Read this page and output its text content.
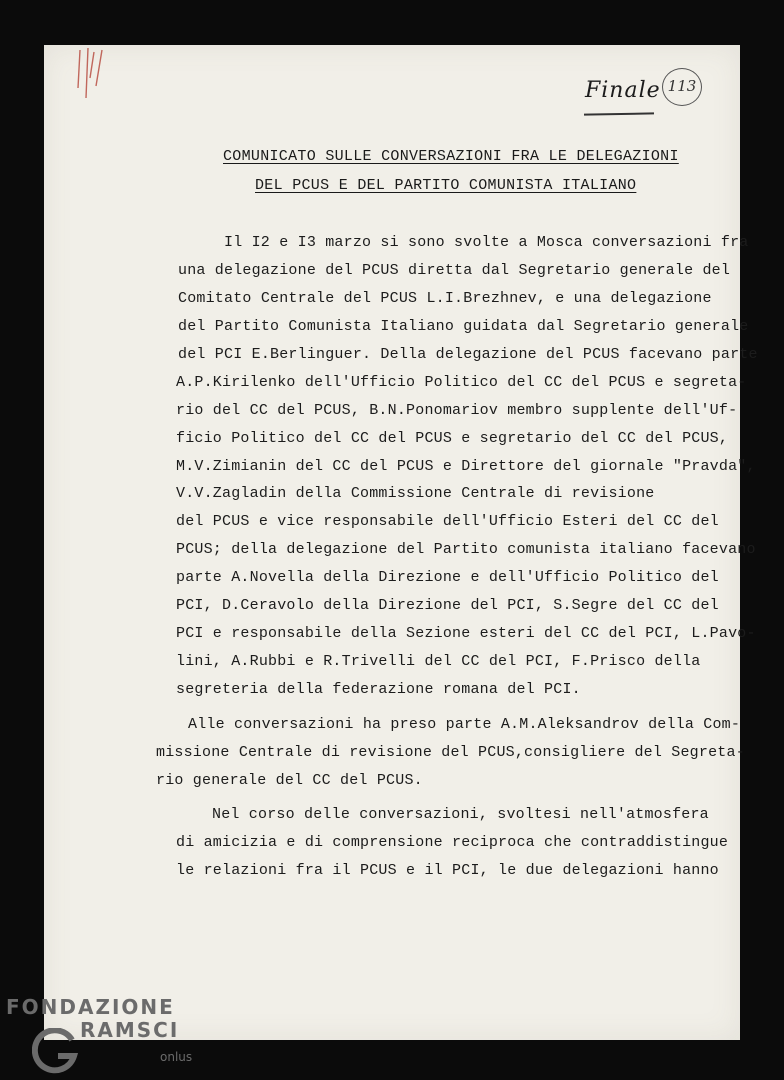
Finale 113
COMUNICATO SULLE CONVERSAZIONI FRA LE DELEGAZIONI
DEL PCUS E DEL PARTITO COMUNISTA ITALIANO
Il I2 e I3 marzo si sono svolte a Mosca conversazioni fra
una delegazione del PCUS diretta dal Segretario generale del
Comitato Centrale del PCUS L.I.Brezhnev, e una delegazione
del Partito Comunista Italiano guidata dal Segretario generale
del PCI E.Berlinguer. Della delegazione del PCUS facevano parte
A.P.Kirilenko dell'Ufficio Politico del CC del PCUS e segreta-
rio del CC del PCUS, B.N.Ponomariov membro supplente dell'Uf-
ficio Politico del CC del PCUS e segretario del CC del PCUS,
M.V.Zimianin del CC del PCUS e Direttore del giornale "Pravda",
V.V.Zagladin della Commissione Centrale di revisione
del PCUS e vice responsabile dell'Ufficio Esteri del CC del
PCUS; della delegazione del Partito comunista italiano facevano
parte A.Novella della Direzione e dell'Ufficio Politico del
PCI, D.Ceravolo della Direzione del PCI, S.Segre del CC del
PCI e responsabile della Sezione esteri del CC del PCI, L.Pavo-
lini, A.Rubbi e R.Trivelli del CC del PCI, F.Prisco della
segreteria della federazione romana del PCI.
Alle conversazioni ha preso parte A.M.Aleksandrov della Com-
missione Centrale di revisione del PCUS,consigliere del Segreta-
rio generale del CC del PCUS.
Nel corso delle conversazioni, svoltesi nell'atmosfera
di amicizia e di comprensione reciproca che contraddistingue
le relazioni fra il PCUS e il PCI, le due delegazioni hanno
FONDAZIONE
RAMSCI
onlus
